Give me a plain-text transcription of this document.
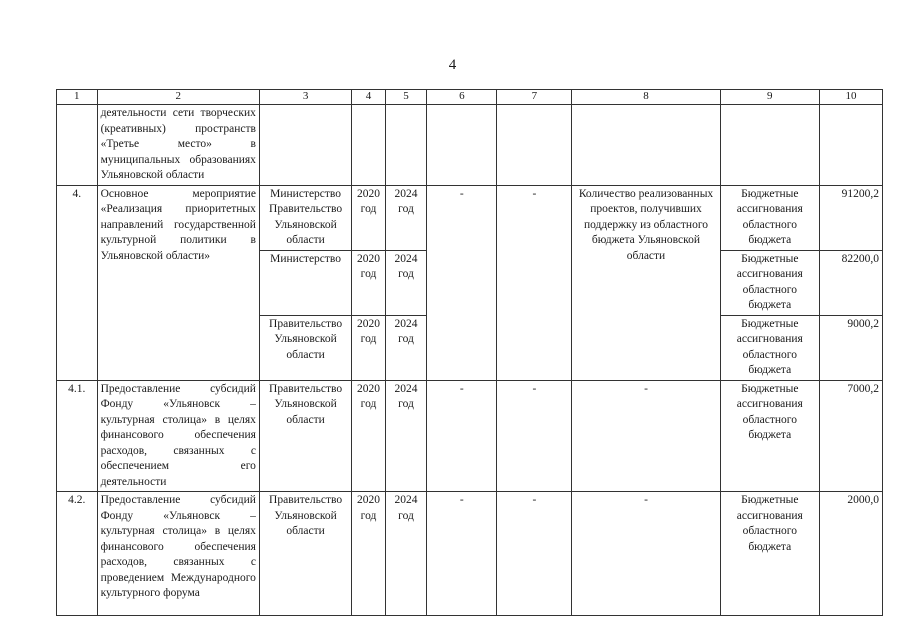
4
1	2	3	4	5	6	7	8	9	10
	деятельности сети творческих (креативных) пространств «Третье место» в муниципальных образованиях Ульяновской области								
4.	Основное мероприятие «Реализация приоритетных направлений государственной культурной политики в Ульяновской области»	Министерство Правительство Ульяновской области	2020 год	2024 год	-	-	Количество реализованных проектов, получивших поддержку из областного бюджета Ульяновской области	Бюджетные ассигнования областного бюджета	91200,2
		Министерство	2020 год	2024 год				Бюджетные ассигнования областного бюджета	82200,0
		Правительство Ульяновской области	2020 год	2024 год				Бюджетные ассигнования областного бюджета	9000,2
4.1.	Предоставление субсидий Фонду «Ульяновск – культурная столица» в целях финансового обеспечения расходов, связанных с обеспечением его деятельности	Правительство Ульяновской области	2020 год	2024 год	-	-	-	Бюджетные ассигнования областного бюджета	7000,2
4.2.	Предоставление субсидий Фонду «Ульяновск – культурная столица» в целях финансового обеспечения расходов, связанных с проведением Международного культурного форума	Правительство Ульяновской области	2020 год	2024 год	-	-	-	Бюджетные ассигнования областного бюджета	2000,0
